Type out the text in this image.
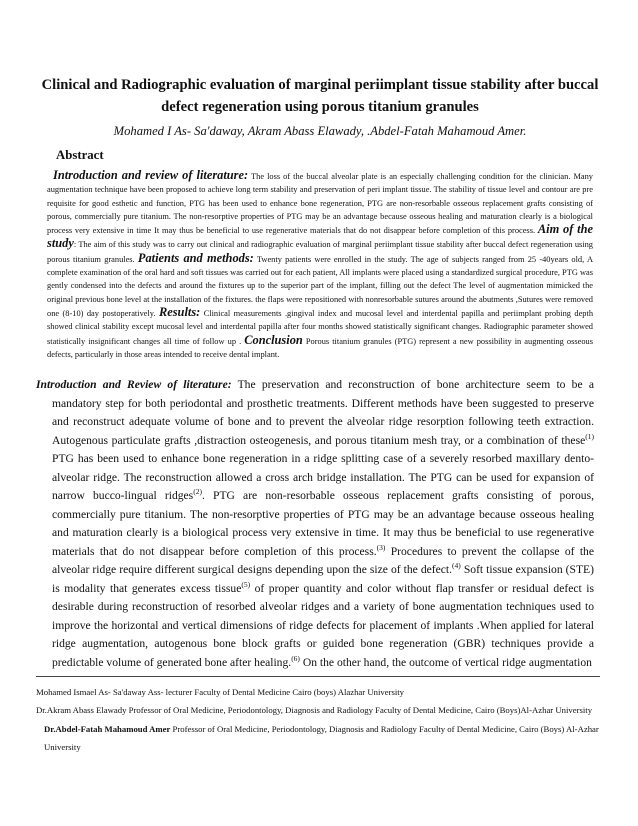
Clinical and Radiographic evaluation of marginal periimplant tissue stability after buccal defect regeneration using porous titanium granules

Mohamed I As- Sa'daway, Akram Abass Elawady, .Abdel-Fatah Mahamoud Amer.

Abstract

Introduction and review of literature: The loss of the buccal alveolar plate is an especially challenging condition for the clinician. Many augmentation technique have been proposed to achieve long term stability and preservation of peri implant tissue. The stability of tissue level and contour are pre requisite for good esthetic and function, PTG has been used to enhance bone regeneration, PTG are non-resorbable osseous replacement grafts consisting of porous, commercially pure titanium. The non-resorptive properties of PTG may be an advantage because osseous healing and maturation clearly is a biological process very extensive in time It may thus be beneficial to use regenerative materials that do not disappear before completion of this process. Aim of the study: The aim of this study was to carry out clinical and radiographic evaluation of marginal periimplant tissue stability after buccal defect regeneration using porous titanium granules. Patients and methods: Twenty patients were enrolled in the study. The age of subjects ranged from 25 -40years old, A complete examination of the oral hard and soft tissues was carried out for each patient, All implants were placed using a standardized surgical procedure, PTG was gently condensed into the defects and around the fixtures up to the superior part of the implant, filling out the defect The level of augmentation mimicked the original previous bone level at the installation of the fixtures. the flaps were repositioned with nonresorbable sutures around the abutments ,Sutures were removed one (8-10) day postoperatively. Results: Clinical measurements .gingival index and mucosal level and interdental papilla and periimplant probing depth showed clinical stability except mucosal level and interdental papilla after four months showed statistically significant changes. Radiographic parameter showed statistically insignificant changes all time of follow up . Conclusion Porous titanium granules (PTG) represent a new possibility in augmenting osseous defects, particularly in those areas intended to receive dental implant.

Introduction and Review of literature: The preservation and reconstruction of bone architecture seem to be a mandatory step for both periodontal and prosthetic treatments. Different methods have been suggested to preserve and reconstruct adequate volume of bone and to prevent the alveolar ridge resorption following teeth extraction. Autogenous particulate grafts ,distraction osteogenesis, and porous titanium mesh tray, or a combination of these$^{(1)}$ PTG has been used to enhance bone regeneration in a ridge splitting case of a severely resorbed maxillary dento-alveolar ridge. The reconstruction allowed a cross arch bridge installation. The PTG can be used for expansion of narrow bucco-lingual ridges$^{(2)}$. PTG are non-resorbable osseous replacement grafts consisting of porous, commercially pure titanium. The non-resorptive properties of PTG may be an advantage because osseous healing and maturation clearly is a biological process very extensive in time. It may thus be beneficial to use regenerative materials that do not disappear before completion of this process.$^{(3)}$ Procedures to prevent the collapse of the alveolar ridge require different surgical designs depending upon the size of the defect.$^{(4)}$ Soft tissue expansion (STE) is modality that generates excess tissue$^{(5)}$ of proper quantity and color without flap transfer or residual defect is desirable during reconstruction of resorbed alveolar ridges and a variety of bone augmentation techniques used to improve the horizontal and vertical dimensions of ridge defects for placement of implants .When applied for lateral ridge augmentation, autogenous bone block grafts or guided bone regeneration (GBR) techniques provide a predictable volume of generated bone after healing.$^{(6)}$ On the other hand, the outcome of vertical ridge augmentation

Mohamed Ismael As- Sa'daway Ass- lecturer Faculty of Dental Medicine Cairo (boys) Alazhar University

Dr.Akram Abass Elawady Professor of Oral Medicine, Periodontology, Diagnosis and Radiology Faculty of Dental Medicine, Cairo (Boys)Al-Azhar University

Dr.Abdel-Fatah Mahamoud Amer Professor of Oral Medicine, Periodontology, Diagnosis and Radiology Faculty of Dental Medicine, Cairo (Boys) Al-Azhar University
